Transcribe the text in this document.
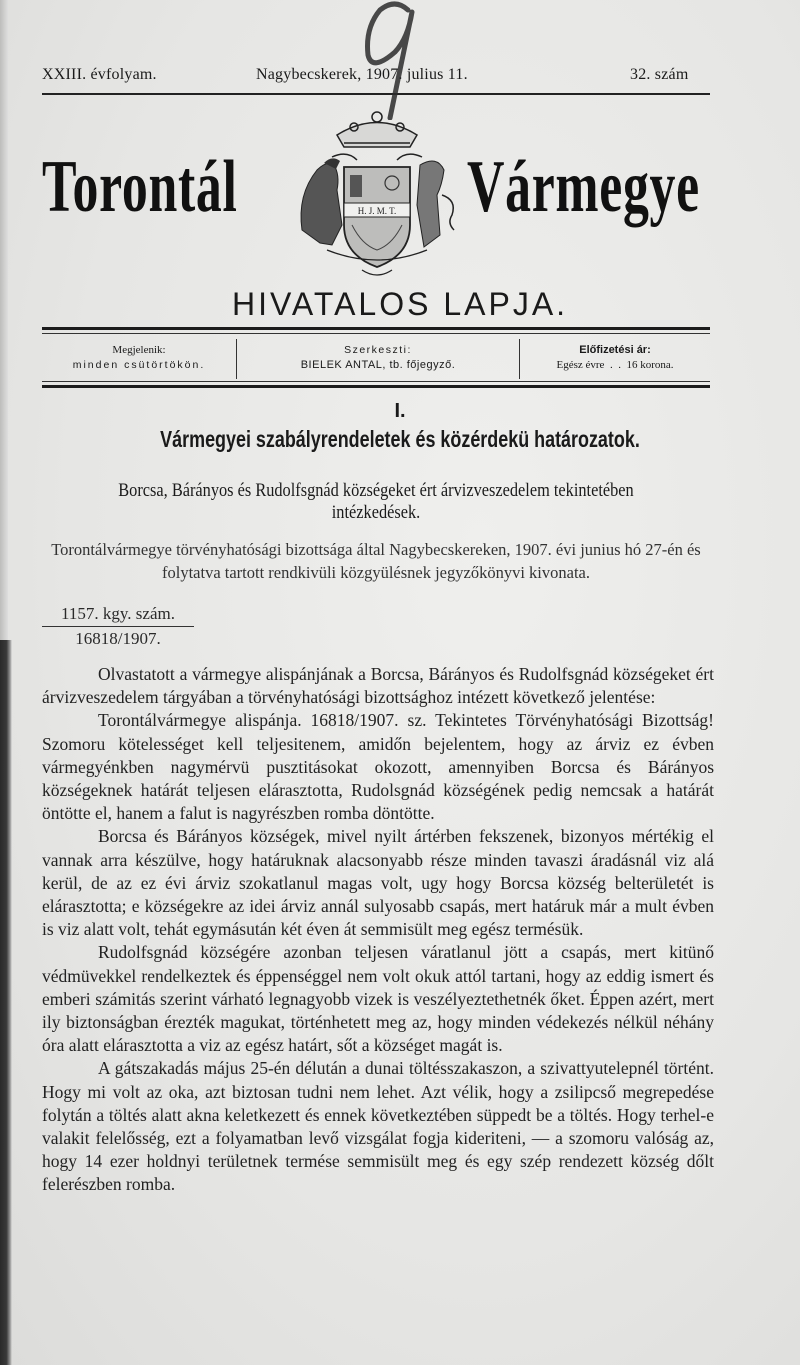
XXIII. évfolyam.	Nagybecskerek, 1907. julius 11.	32. szám
Torontál	Vármegye
H. J. M. T.
HIVATALOS LAPJA.
Megjelenik:
minden csütörtökön.
Szerkeszti:
BIELEK ANTAL, tb. főjegyző.
Előfizetési ár:
Egész évre  .  .  16 korona.
I.
Vármegyei szabályrendeletek és közérdekü határozatok.
Borcsa, Bárányos és Rudolfsgnád községeket ért árvizveszedelem tekintetében intézkedések.
Torontálvármegye törvényhatósági bizottsága által Nagybecskereken, 1907. évi junius hó 27-én és folytatva tartott rendkivüli közgyülésnek jegyzőkönyvi kivonata.
1157. kgy. szám.
16818/1907.

Olvastatott a vármegye alispánjának a Borcsa, Bárányos és Rudolfsgnád községeket ért árvizveszedelem tárgyában a törvényhatósági bizottsághoz intézett következő jelentése:

Torontálvármegye alispánja. 16818/1907. sz. Tekintetes Törvényhatósági Bizottság! Szomoru kötelességet kell teljesitenem, amidőn bejelentem, hogy az árviz ez évben vármegyénkben nagymérvü pusztitásokat okozott, amennyiben Borcsa és Bárányos községeknek határát teljesen elárasztotta, Rudolsgnád községének pedig nemcsak a határát öntötte el, hanem a falut is nagyrészben romba döntötte.

Borcsa és Bárányos községek, mivel nyilt ártérben fekszenek, bizonyos mértékig el vannak arra készülve, hogy határuknak alacsonyabb része minden tavaszi áradásnál viz alá kerül, de az ez évi árviz szokatlanul magas volt, ugy hogy Borcsa község belterületét is elárasztotta; e községekre az idei árviz annál sulyosabb csapás, mert határuk már a mult évben is viz alatt volt, tehát egymásután két éven át semmisült meg egész termésük.

Rudolfsgnád községére azonban teljesen váratlanul jött a csapás, mert kitünő védmüvekkel rendelkeztek és éppenséggel nem volt okuk attól tartani, hogy az eddig ismert és emberi számitás szerint várható legnagyobb vizek is veszélyeztethetnék őket. Éppen azért, mert ily biztonságban érezték magukat, történhetett meg az, hogy minden védekezés nélkül néhány óra alatt elárasztotta a viz az egész határt, sőt a községet magát is.

A gátszakadás május 25-én délután a dunai töltésszakaszon, a szivattyutelepnél történt. Hogy mi volt az oka, azt biztosan tudni nem lehet. Azt vélik, hogy a zsilipcső megrepedése folytán a töltés alatt akna keletkezett és ennek következtében süppedt be a töltés. Hogy terhel-e valakit felelősség, ezt a folyamatban levő vizsgálat fogja kideriteni, — a szomoru valóság az, hogy 14 ezer holdnyi területnek termése semmisült meg és egy szép rendezett község dőlt felerészben romba.
